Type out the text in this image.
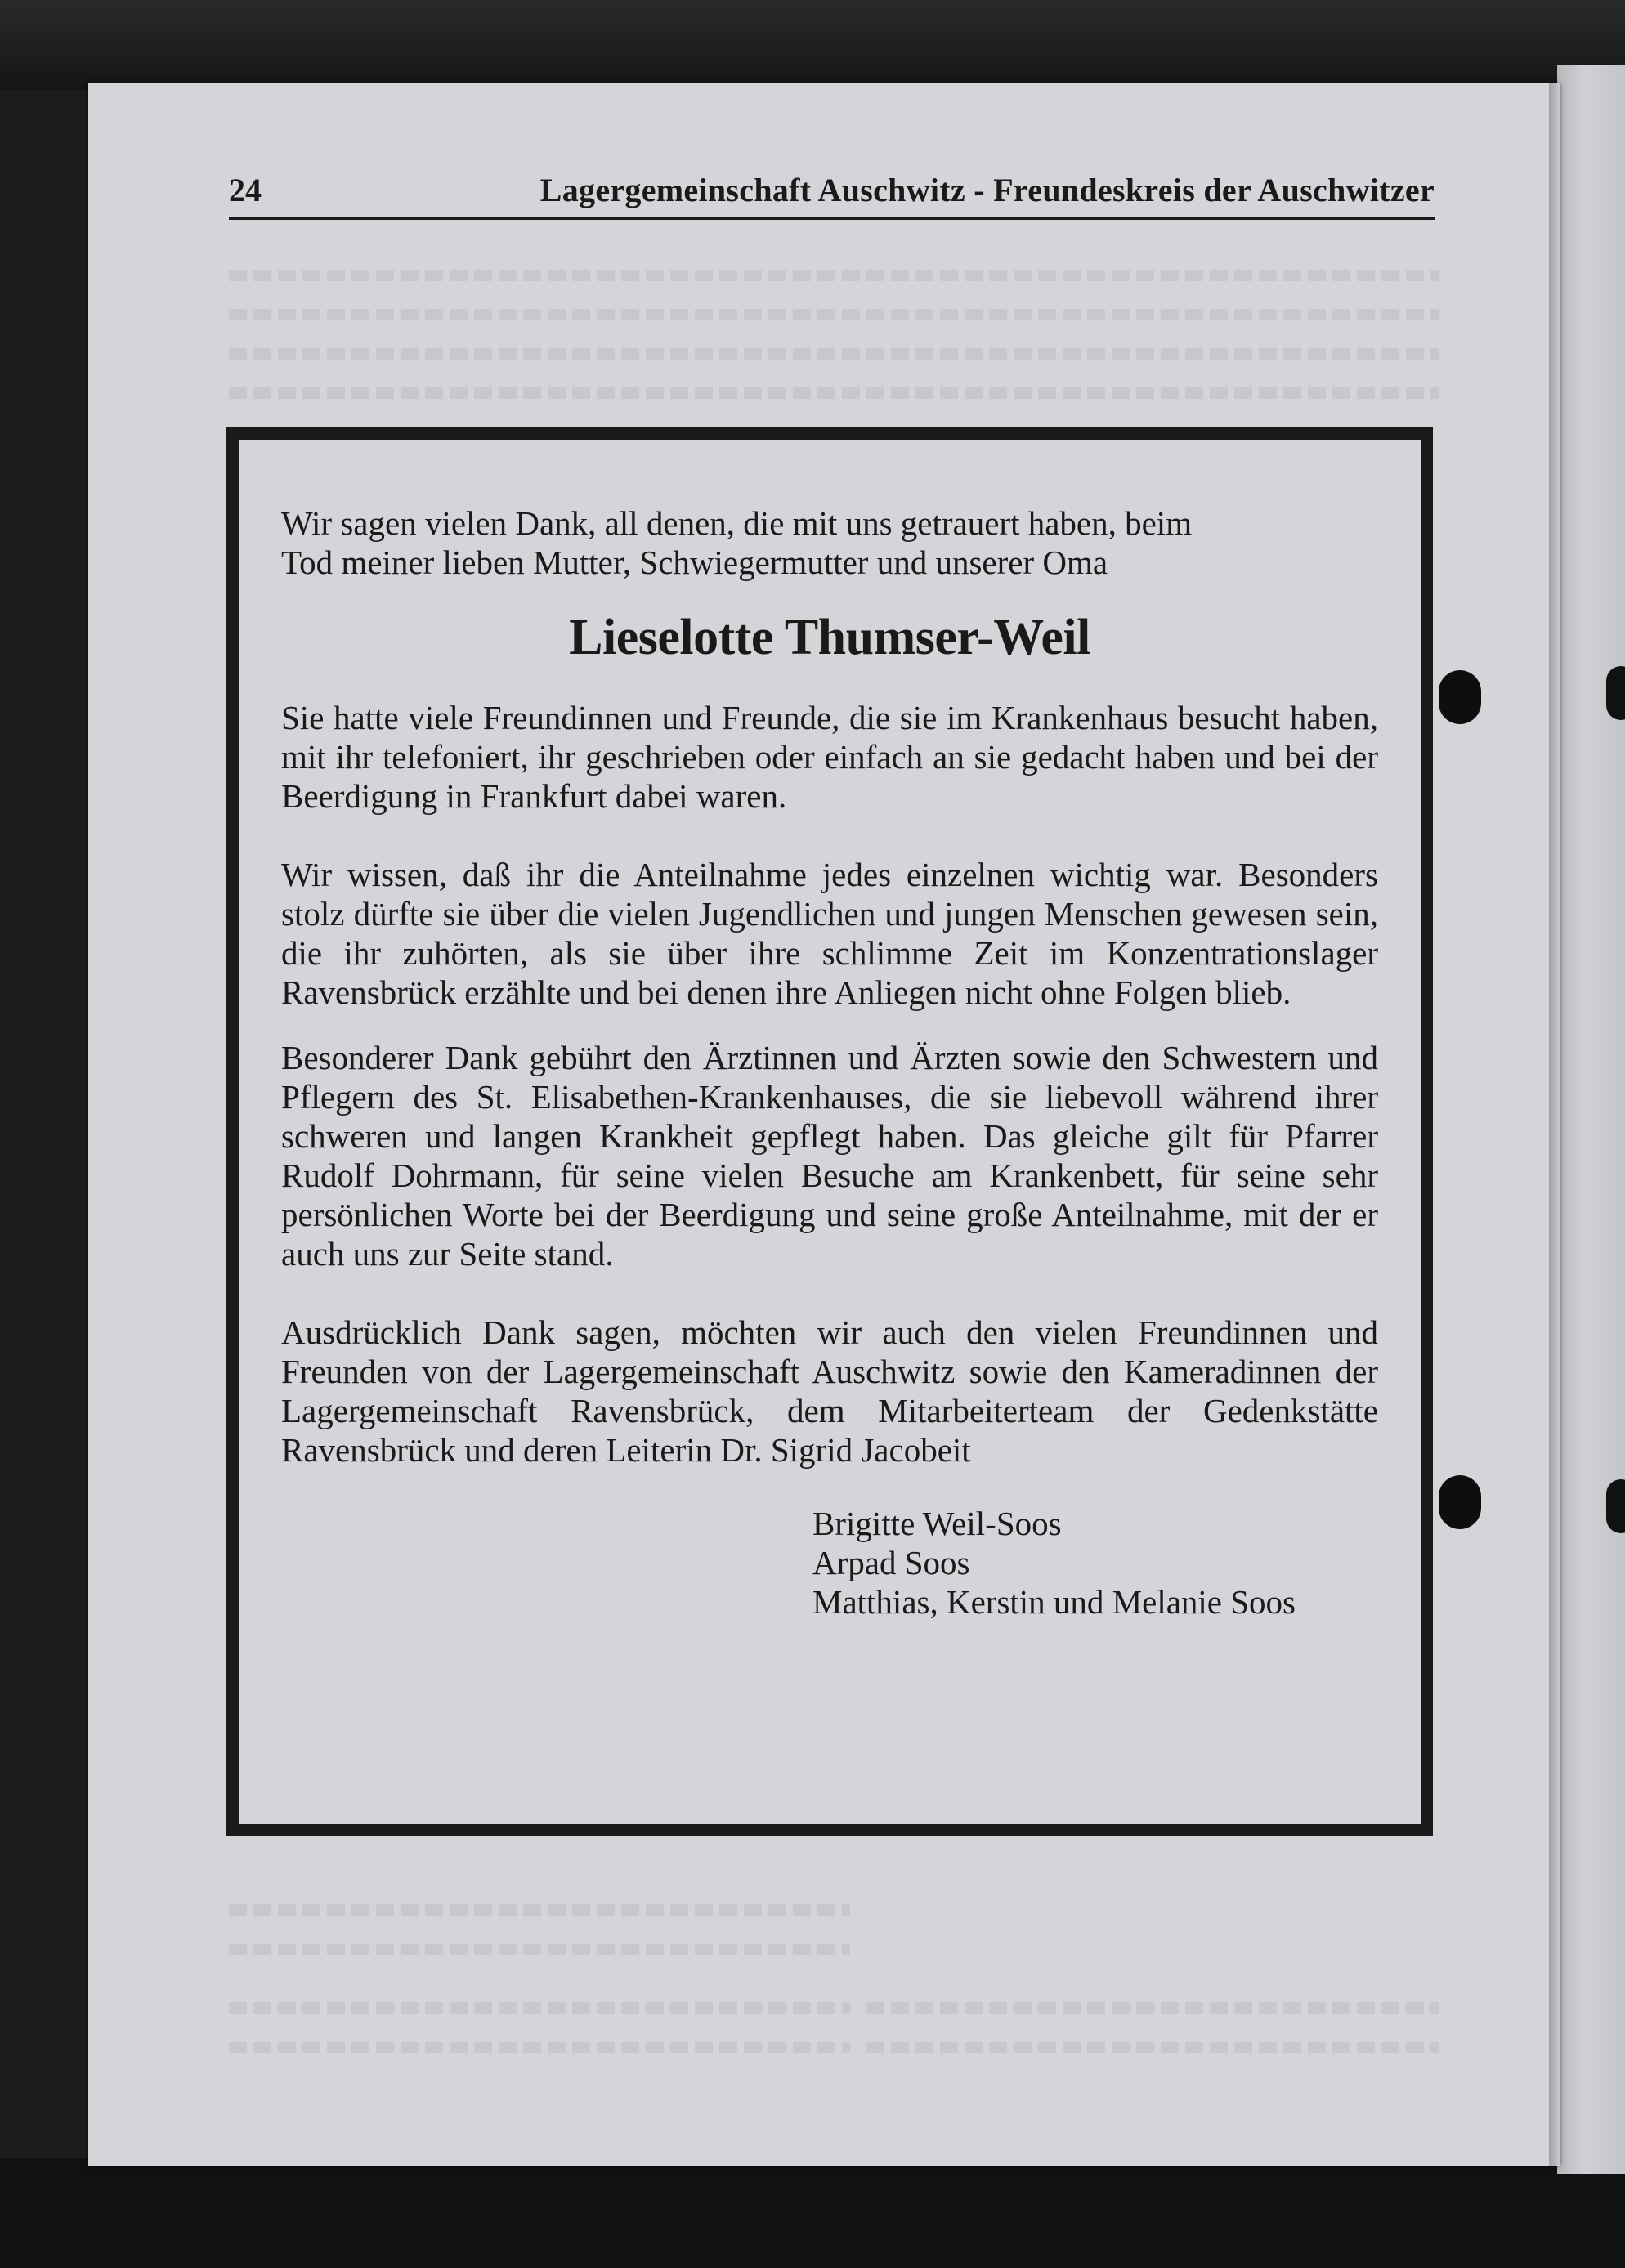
24	Lagergemeinschaft Auschwitz - Freundeskreis der Auschwitzer

Wir sagen vielen Dank, all denen, die mit uns getrauert haben, beim

Tod meiner lieben Mutter, Schwiegermutter und unserer Oma

Lieselotte Thumser-Weil

Sie hatte viele Freundinnen und Freunde, die sie im Krankenhaus besucht haben, mit ihr telefoniert, ihr geschrieben oder einfach an sie gedacht haben und bei der Beerdigung in Frankfurt dabei waren.

Wir wissen, daß ihr die Anteilnahme jedes einzelnen wichtig war. Besonders stolz dürfte sie über die vielen Jugendlichen und jungen Menschen gewesen sein, die ihr zuhörten, als sie über ihre schlimme Zeit im Konzentrationslager Ravensbrück erzählte und bei denen ihre Anliegen nicht ohne Folgen blieb.

Besonderer Dank gebührt den Ärztinnen und Ärzten sowie den Schwestern und Pflegern des St. Elisabethen-Krankenhauses, die sie liebevoll während ihrer schweren und langen Krankheit gepflegt haben. Das gleiche gilt für Pfarrer Rudolf Dohrmann, für seine vielen Besuche am Krankenbett, für seine sehr persönlichen Worte bei der Beerdigung und seine große Anteilnahme, mit der er auch uns zur Seite stand.

Ausdrücklich Dank sagen, möchten wir auch den vielen Freundinnen und Freunden von der Lagergemeinschaft Auschwitz sowie den Kameradinnen der Lagergemeinschaft Ravensbrück, dem Mitarbeiterteam der Gedenkstätte Ravensbrück und deren Leiterin Dr. Sigrid Jacobeit

Brigitte Weil-Soos
Arpad Soos
Matthias, Kerstin und Melanie Soos
